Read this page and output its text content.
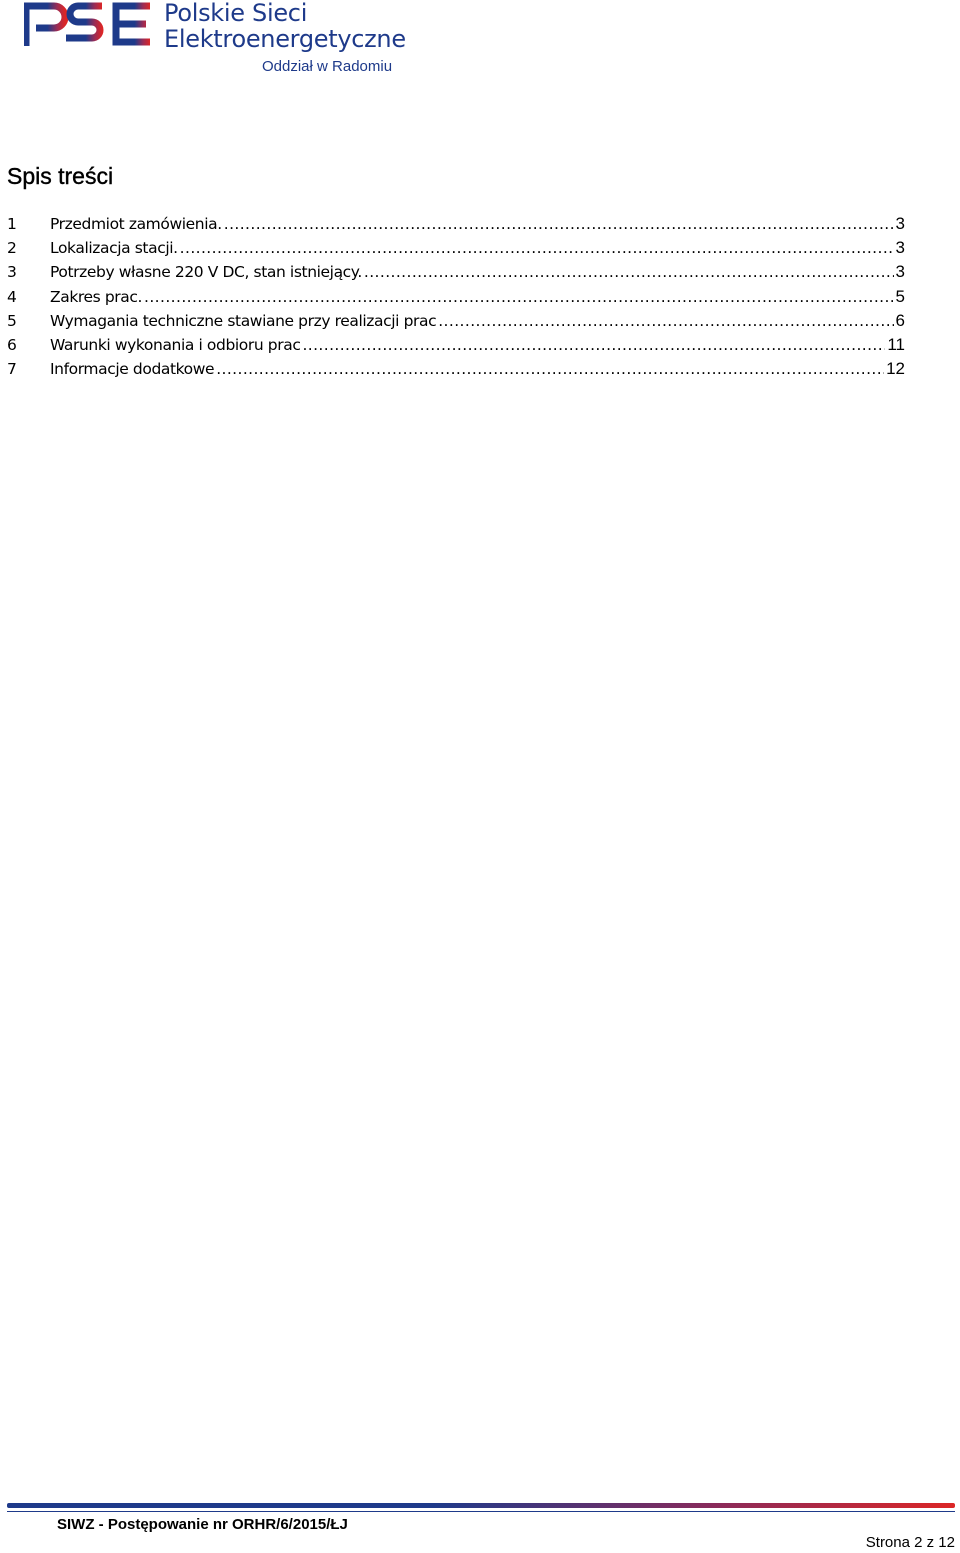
Polskie Sieci
Elektroenergetyczne
Oddział w Radomiu
Spis treści
1	Przedmiot zamówienia. .....	3
2	Lokalizacja stacji. .....	3
3	Potrzeby własne 220 V DC, stan istniejący. .....	3
4	Zakres prac. .....	5
5	Wymagania techniczne stawiane przy realizacji prac .....	6
6	Warunki wykonania i odbioru prac .....	11
7	Informacje dodatkowe .....	12
SIWZ - Postępowanie nr ORHR/6/2015/ŁJ
Strona 2 z 12
